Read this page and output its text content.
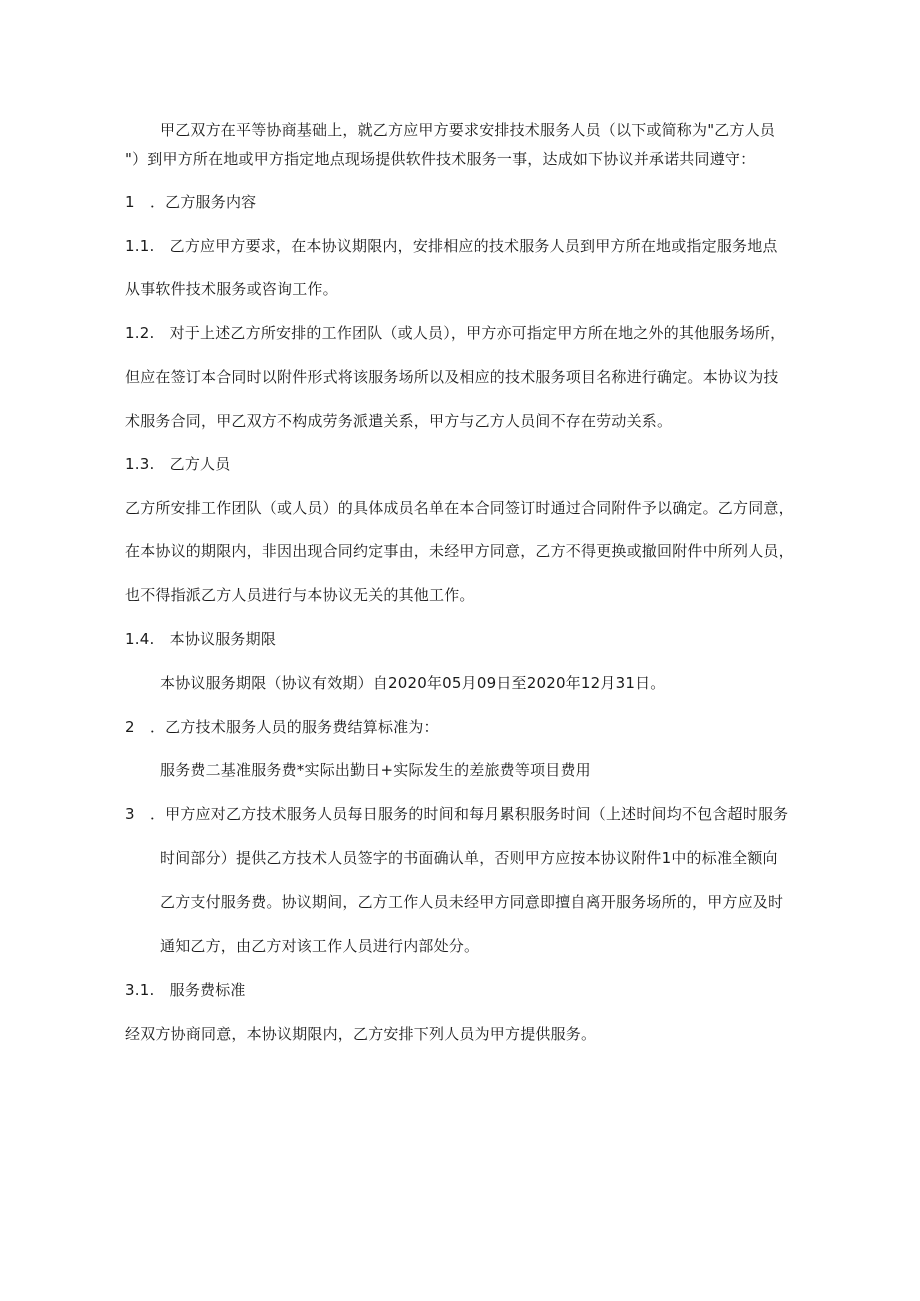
甲乙双方在平等协商基础上，就乙方应甲方要求安排技术服务人员（以下或简称为"乙方人员
"）到甲方所在地或甲方指定地点现场提供软件技术服务一事，达成如下协议并承诺共同遵守：
1　．乙方服务内容
1.1.　乙方应甲方要求，在本协议期限内，安排相应的技术服务人员到甲方所在地或指定服务地点
从事软件技术服务或咨询工作。
1.2.　对于上述乙方所安排的工作团队（或人员），甲方亦可指定甲方所在地之外的其他服务场所，
但应在签订本合同时以附件形式将该服务场所以及相应的技术服务项目名称进行确定。本协议为技
术服务合同，甲乙双方不构成劳务派遣关系，甲方与乙方人员间不存在劳动关系。
1.3.　乙方人员
乙方所安排工作团队（或人员）的具体成员名单在本合同签订时通过合同附件予以确定。乙方同意，
在本协议的期限内，非因出现合同约定事由，未经甲方同意，乙方不得更换或撤回附件中所列人员，
也不得指派乙方人员进行与本协议无关的其他工作。
1.4.　本协议服务期限
本协议服务期限（协议有效期）自2020年05月09日至2020年12月31日。
2　．乙方技术服务人员的服务费结算标准为：
服务费二基准服务费*实际出勤日+实际发生的差旅费等项目费用
3　．甲方应对乙方技术服务人员每日服务的时间和每月累积服务时间（上述时间均不包含超时服务
时间部分）提供乙方技术人员签字的书面确认单，否则甲方应按本协议附件1中的标准全额向
乙方支付服务费。协议期间，乙方工作人员未经甲方同意即擅自离开服务场所的，甲方应及时
通知乙方，由乙方对该工作人员进行内部处分。
3.1.　服务费标准
经双方协商同意，本协议期限内，乙方安排下列人员为甲方提供服务。
